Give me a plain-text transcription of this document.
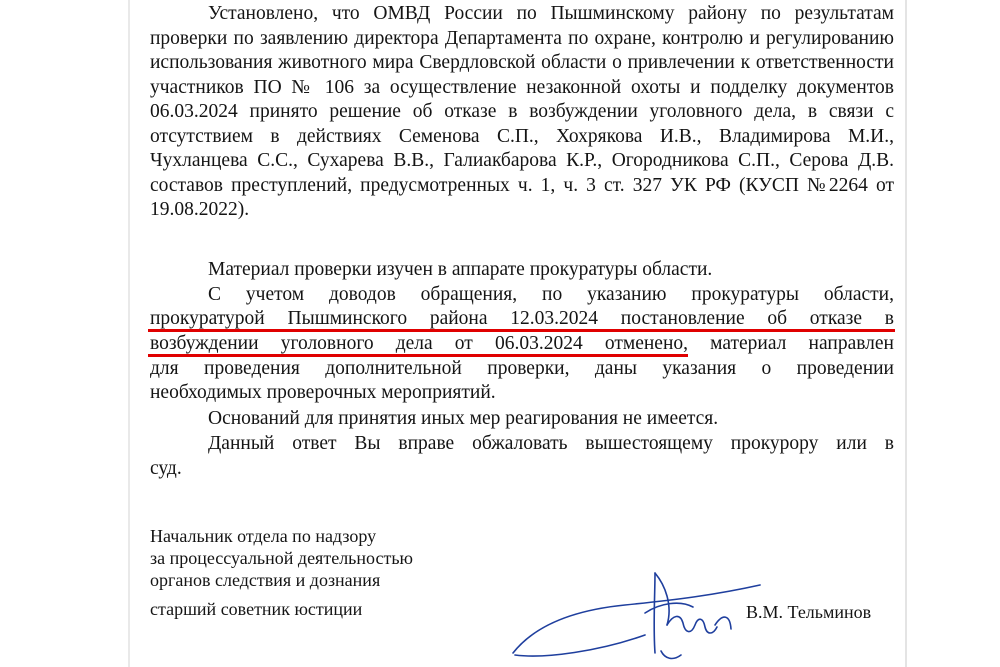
Установлено, что ОМВД России по Пышминскому району по результатам проверки по заявлению директора Департамента по охране, контролю и регулированию использования животного мира Свердловской области о привлечении к ответственности участников ПО № 106 за осуществление незаконной охоты и подделку документов 06.03.2024 принято решение об отказе в возбуждении уголовного дела, в связи с отсутствием в действиях Семенова С.П., Хохрякова И.В., Владимирова М.И., Чухланцева С.С., Сухарева В.В., Галиакбарова К.Р., Огородникова С.П., Серова Д.В. составов преступлений, предусмотренных ч. 1, ч. 3 ст. 327 УК РФ (КУСП №2264 от 19.08.2022).

Материал проверки изучен в аппарате прокуратуры области.
С учетом доводов обращения, по указанию прокуратуры области,
прокуратурой Пышминского района 12.03.2024 постановление об отказе в
возбуждении уголовного дела от 06.03.2024 отменено, материал направлен
для проведения дополнительной проверки, даны указания о проведении
необходимых проверочных мероприятий.
Оснований для принятия иных мер реагирования не имеется.
Данный ответ Вы вправе обжаловать вышестоящему прокурору или в
суд.
Начальник отдела по надзору
за процессуальной деятельностью
органов следствия и дознания
старший советник юстиции	В.М. Тельминов
